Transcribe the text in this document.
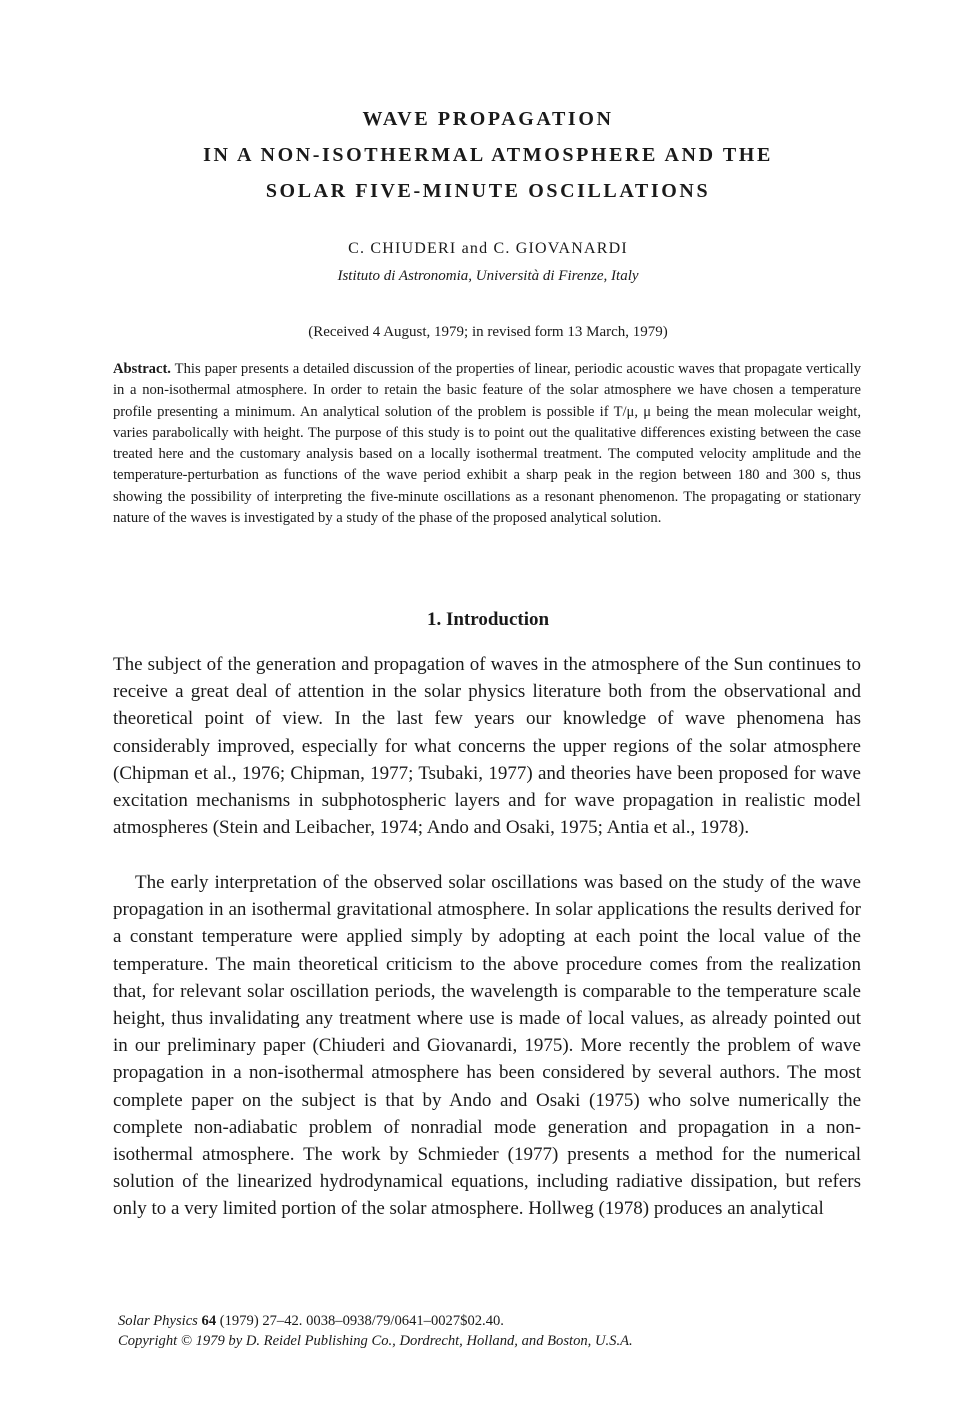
WAVE PROPAGATION
IN A NON-ISOTHERMAL ATMOSPHERE AND THE
SOLAR FIVE-MINUTE OSCILLATIONS
C. CHIUDERI and C. GIOVANARDI
Istituto di Astronomia, Università di Firenze, Italy
(Received 4 August, 1979; in revised form 13 March, 1979)

Abstract. This paper presents a detailed discussion of the properties of linear, periodic acoustic waves that propagate vertically in a non-isothermal atmosphere. In order to retain the basic feature of the solar atmosphere we have chosen a temperature profile presenting a minimum. An analytical solution of the problem is possible if T/μ, μ being the mean molecular weight, varies parabolically with height. The purpose of this study is to point out the qualitative differences existing between the case treated here and the customary analysis based on a locally isothermal treatment. The computed velocity amplitude and the temperature-perturbation as functions of the wave period exhibit a sharp peak in the region between 180 and 300 s, thus showing the possibility of interpreting the five-minute oscillations as a resonant phenomenon. The propagating or stationary nature of the waves is investigated by a study of the phase of the proposed analytical solution.

1. Introduction

The subject of the generation and propagation of waves in the atmosphere of the Sun continues to receive a great deal of attention in the solar physics literature both from the observational and theoretical point of view. In the last few years our knowledge of wave phenomena has considerably improved, especially for what concerns the upper regions of the solar atmosphere (Chipman et al., 1976; Chipman, 1977; Tsubaki, 1977) and theories have been proposed for wave excitation mechanisms in subphotospheric layers and for wave propagation in realistic model atmospheres (Stein and Leibacher, 1974; Ando and Osaki, 1975; Antia et al., 1978).

The early interpretation of the observed solar oscillations was based on the study of the wave propagation in an isothermal gravitational atmosphere. In solar applications the results derived for a constant temperature were applied simply by adopting at each point the local value of the temperature. The main theoretical criticism to the above procedure comes from the realization that, for relevant solar oscillation periods, the wavelength is comparable to the temperature scale height, thus invalidating any treatment where use is made of local values, as already pointed out in our preliminary paper (Chiuderi and Giovanardi, 1975). More recently the problem of wave propagation in a non-isothermal atmosphere has been considered by several authors. The most complete paper on the subject is that by Ando and Osaki (1975) who solve numerically the complete non-adiabatic problem of nonradial mode generation and propagation in a non-isothermal atmosphere. The work by Schmieder (1977) presents a method for the numerical solution of the linearized hydrodynamical equations, including radiative dissipation, but refers only to a very limited portion of the solar atmosphere. Hollweg (1978) produces an analytical

Solar Physics 64 (1979) 27–42. 0038–0938/79/0641–0027$02.40.
Copyright © 1979 by D. Reidel Publishing Co., Dordrecht, Holland, and Boston, U.S.A.
